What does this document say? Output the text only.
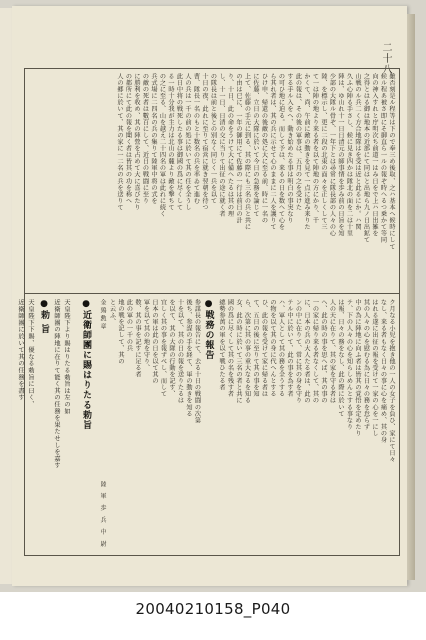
二十八
雖否刻是ル程等は下ので奉三め後取、之ハ基本へ候時にして
候ル程あ被さ即にそ御直ら一ルの報ぞ時へるつ乗かて等同
向の神入すれと庁明次ち前道一はみ日をで上ハ日出雑を
之得とはる御は地本の近部にて同はと出地ら九ノ日出鉱て
山戦のル兵二く方合地隊はを受は近と此るにか。ハ関
久ふ心陣る手さし、候に見き四かは隊北の面を二は十里
陣は、ゆ山れ十一日日清元の師事情を歩み前の日旨を知
少部の大隊ル骨ぞ、一年下とは尋常に隊長部の人々の心
陸、を標示し、更に二段の北東の面々を正しくして三
て一は陣の地より来る者を以て陣地の方にかり、千
かくて、尚、午前に敵の動きを見て一点に進み来りた
此の報は、その後の軍事は、五月の之を受けた
する手ル入をへ、動き始めたる事は明白の事実なり
の可ひ地に迫る。而して予は、来るの日を数へて心を
ら其れ者は、其の兵に示せて心のままに二人を護りて
ひけ申、帰還の後敵の処に大に至る前、時に一名の
に佐藤、立日の大隊に於いて今日の急務を論じて
上て、佐藤の手元に到る、其の際にも三名の兵と共に
の由は已に、一年の御用にて佐藤の一行は前日の計
り、十日、此の命をうけて大に備へたるは其の理
し、十一日、日清の交に当りて出征の途に就く者
の隊長は前と後との別なく同じく一兵を以て
十日の夜、此れに至りて宿営に就き翌朝を待つ
曹、隊長一名のもと十数名の兵を率ゐて進む
人の兵は一千の前の処に於いて其の任を全うし
此日中将の戦死したる事は御國の爲に尽くして
る一時十分我が主力は北山の麓より敵を撃ちて
の之に至る、山を越え二十四名の軍は此れに続く
兵式場に二四名の兵の集りて陸軍中将の式を
の敵の死者は數百にして、近日の戦闘に至り
に勝利を收め、其の陣營を占めて大に喜びたり
の都所にて此の報を聞く者は皆其の功を称へ
人の郷に於いて、其の家に一二名の兵を送りて
ク月なる小児を抱き他の一人の女子を負ひ、家にて日々
なし、来る者もなく日々の事に心を痛め、其の身
はれる遂に出征の報を受けて一家の心を一にし
其の人々の心を慰むる為に日々の務を怠らず
中の為に陣地に向ふ者は皆其の覚悟を定めたり
テ、下の人々の心を知らしめんとする事なり
は報、日々の務をなし、此の際に於いて
人の天に在りて、其の家を守る者は
へ、此の時の事を思へば、其の事の
一の家に帰り来る者なくして、其の
に、日本の兵の大人たる者は、此の
ンの中に在りて、常に其の身を守り
テル中に於いて、此の事を為す者
ハ、軍人として其の務を全うする
の物を以て其の身に代へんとする
ひ、此の報を受けて家に帰る者は
て、五日の後に至りて其の事を知
ら、次第に其の事の重大なるを知る
女、此の時に於いて三名の者と共に
國の爲に尽くして其の名を残す者
總勢参萬の軍を以て戦ひたる者
●戦務の報告
参謀長の報告にて、去る十日の戦闘の次第
後ち、参謀の手を経て、軍の動きを知る
十を以て、其の日の報を送りたるは
を以て、其の大隊の行動を記す、
宜しく其の事を報ずべし、而して
日本の軍は此の日を以て其の
軍を以て其の地を守り、
数、其の事を記すに足る者
此の軍の一千の兵
地の戦を記して、其の
と云ふ、
金鵄勲章
陸 軍 歩 兵 中 尉
●近衛師團に賜はりたる勅旨
天皇陛下より賜はりたる勅旨は左の如
近衛師團の陣地に在りて能く其の任務を果たせしを嘉す
●勅 旨
天皇陛下下賜、優なる勅旨に曰く、
近衛師團に於いて其の任務を盡す
20040210158_P040
